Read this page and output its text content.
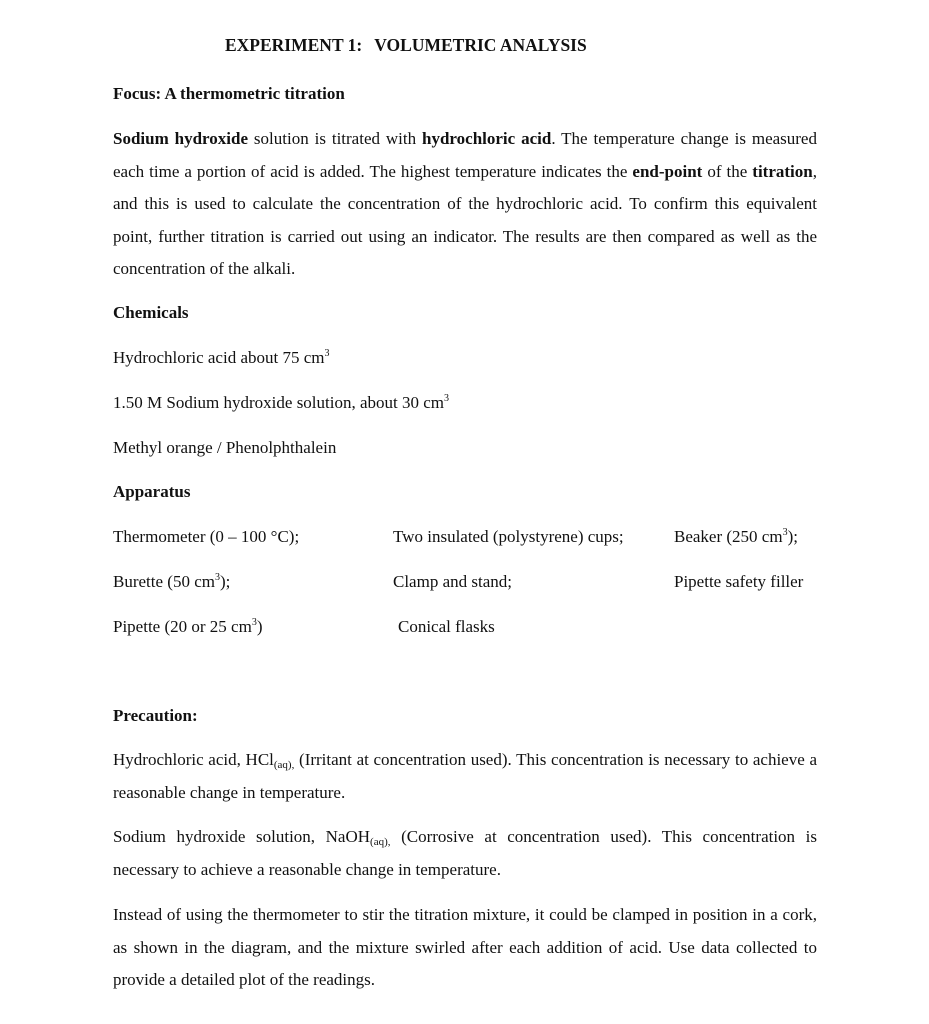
EXPERIMENT 1: VOLUMETRIC ANALYSIS

Focus: A thermometric titration

Sodium hydroxide solution is titrated with hydrochloric acid. The temperature change is measured each time a portion of acid is added. The highest temperature indicates the end-point of the titration, and this is used to calculate the concentration of the hydrochloric acid. To confirm this equivalent point, further titration is carried out using an indicator. The results are then compared as well as the concentration of the alkali.

Chemicals

Hydrochloric acid about 75 $cm^3$

1.50 M Sodium hydroxide solution, about 30 $cm^3$

Methyl orange / Phenolphthalein

Apparatus

Thermometer (0 – 100 °C);	Two insulated (polystyrene) cups;	Beaker (250 $cm^3$);

Burette (50 $cm^3$);	Clamp and stand;	Pipette safety filler

Pipette (20 or 25 $cm^3$)	Conical flasks

Precaution:

Hydrochloric acid, HCl$_{(aq),}$ (Irritant at concentration used). This concentration is necessary to achieve a reasonable change in temperature.

Sodium hydroxide solution, NaOH$_{(aq),}$ (Corrosive at concentration used). This concentration is necessary to achieve a reasonable change in temperature.

Instead of using the thermometer to stir the titration mixture, it could be clamped in position in a cork, as shown in the diagram, and the mixture swirled after each addition of acid. Use data collected to provide a detailed plot of the readings.
